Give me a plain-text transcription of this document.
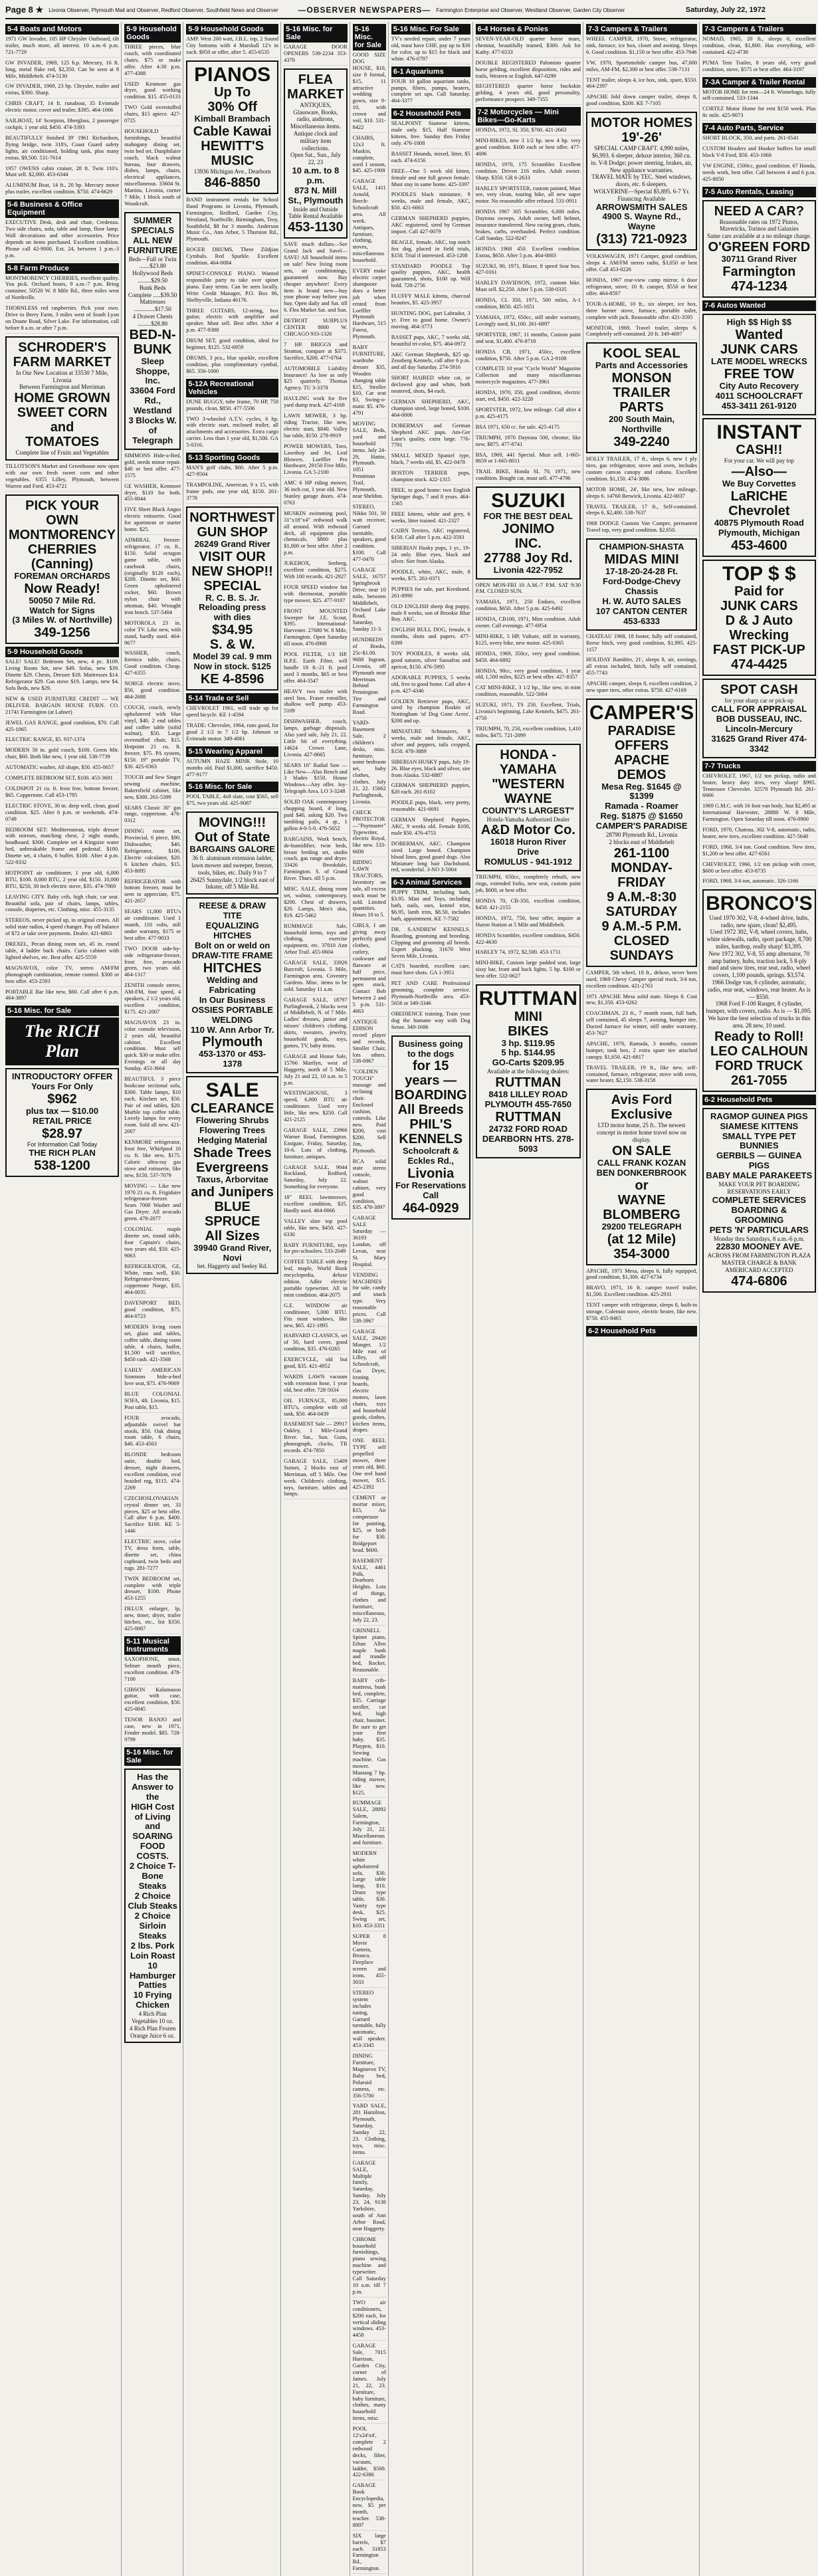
Page 8 ★ Livonia Observer, Plymouth Mail and Observer, Redford Observer, Southfield News and Observer	—OBSERVER NEWSPAPERS— Farmington Enterprise and Observer, Westland Observer, Garden City Observer	Saturday, July 22, 1972
5-4 Boats and Motors

1971 GW Invader, 105 HP Chrysler Outboard, tilt trailer, much more, all interest. 10 a.m.-6 p.m. 721-7729

GW INVADER, 1969, 125 h.p. Mercury, 16 ft. long, metal flake red, $2,350. Can be seen at 8 Mile, Middlebelt. 474-5130

GW INVADER, 1969, 23 hp. Chrysler, trailer and extras, $300. Sharp.

CHRIS CRAFT, 14 ft. runabout, 35 Evinrude electric motor, cover and trailer, $395. 464-1066

SAILBOAT, 14' Scorpion, fiberglass, 2 passenger cockpit, 1 year old, $450. 474-3393

BEAUTIFULLY finished 39' 1961 Richardson, flying bridge, twin 318's, Coast Guard safety lights, air conditioned, holding tank, plus many extras. $9,500. 531-7614

1957 OWENS cabin cruiser, 28 ft. Twin 110's. Must sell. $2,000. 453-6344

ALUMINUM Boat, 14 ft., 20 hp. Mercury motor plus trailer, excellent condition. $750. 474-6629

5-6 Business & Office Equipment

EXECUTIVE Desk, desk and chair, Credenza. Two side chairs, sofa, table and lamp, floor lamp. Wall decorations and other accessories. Price depends on items purchased. Excellent condition. Please call 42-9000, Ext. 24, between 1 p.m.-3 p.m.

5-8 Farm Produce

MONTMORENCY CHERRIES, excellent quality. You pick. Orchard hours, 9 a.m.-7 p.m. Bring container. 50520 W. 8 Mile Rd., three miles west of Northville.

THORNLESS red raspberries. Pick your own. Drive to Berry Farm, 3 miles west of South Lyon on Doane Road, Silver Lake. For information, call before 8 a.m. or after 7 p.m.

SCHRODER'S
FARM MARKET
In Our New Location at 33530 7 Mile, Livonia
Between Farmington and Merriman
HOME GROWN
SWEET CORN
and
TOMATOES
Complete line of Fruits and Vegetables

TILLOTSON'S Market and Greenhouse now open with our own fresh sweet corn and other vegetables. 6355 Lilley, Plymouth, between Warren and Ford. 453-4721

PICK YOUR OWN
MONTMORENCY
CHERRIES
(Canning)
FOREMAN ORCHARDS
Now Ready!
50050 7 Mile Rd.
Watch for Signs
(3 Miles W. of Northville)
349-1256
5-9 Household Goods

SALE! SALE! Bedroom Set, new, 4 pc. $109. Living Room Set, new $49. Sofas, new $39. Dinette $29. Chests, Dresser $18. Mattresses $14. Refrigerator $29. Gas stove $19. Lamps, new $4. Sofa Beds, new $29.

NEW & USED FURNITURE CREDIT — WE DELIVER. BARGAIN HOUSE FURN. CO. 21741 Farmington (at Lahser)

JEWEL GAS RANGE, good condition, $70. Call 425-1065

ELECTRIC RANGE, $5. 937-1374

MODERN 50 in. gold couch, $100. Green Mir. chair, $60. Both like new, 1 year old. 538-7739

AUTOMATIC washer, All shape, $50. 455-0657

COMPLETE BEDROOM SET, $100. 453-3691

COLDSPOT 21 cu. ft. frost free, bottom freezer, $65. Coppertone. Call 453-1795

ELECTRIC STOVE, 30 in. deep well, clean, good condition. $25. After 6 p.m. or weekends. 474-0749

BEDROOM SET: Mediterranean, triple dresser with mirrors, matching chest, 2 night stands, headboard. $300. Complete set 4 Kingsize water bed, unbreakable frame and pedestal. $100. Dinette set, 4 chairs, 6 buffet. $100. After 4 p.m. 522-9332

HOTPOINT air conditioner, 1 year old, 6,000 BTU, $100. 8,000 BTU, 2 year old, $150. 10,000 BTU, $250, 30 inch electric stove, $35. 474-7069

LEAVING CITY. Baby crib, high chair, car seat. Beautiful sofa, pair of chairs, lamps, tables, console, draperies, etc. Clothing, misc. 455-3135

STEREOS, never picked up, in original crates. All solid state radios, 4 speed changer. Pay off balance of $72 or take over payments. Dealer. 421-6863

DREXEL, Pecan dining room set, 45 in. round table, 4 ladder back chairs. Curio cabinet with lighted shelves, etc. Best offer. 425-5559

MAGNAVOX, color TV, stereo AM/FM phonograph combination, remote control. $300 or best offer. 453-2593

PORTABLE Bar like new, $60. Call after 6 p.m. 464-3897

5-16 Misc. for Sale
The RICH Plan
INTRODUCTORY OFFER
Yours For Only
$962
plus tax — $10.00
RETAIL PRICE
$28.97
For Information Call Today
THE RICH PLAN
538-1200
5-9 Household Goods

THREE pieces, blue couch, with coordinated chairs. $75 or make offer. After 4:30 p.m. 477-4388

USED Kenmore gas dryer, good working condition. $15. 455-0133

TWO Gold overstuffed chairs, $15 apiece. 427-0725

HOUSEHOLD furnishings, beautiful mahogany dining set, twin bed set, Dunphilaire couch, black walnut bureau, four drawers, dishes, lamps, chairs, electrical appliances, miscellaneous. 33604 St. Martins, Livonia, corner 7 Mile, 1 block south of Woodcraft.

SUMMER SPECIALS
ALL NEW FURNITURE
Beds—Full or Twin .......$23.80
Hollywood Beds .........$29.50
Bunk Beds Complete .....$39.50
Mattresses ..............$17.50
4 Drawer Chests .........$28.80
BED-N-BUNK
Sleep Shoppe, Inc.
33604 Ford Rd., Westland
3 Blocks W. of Telegraph

SIMMONS Hide-a-Bed, gold, needs minor repair. $40 or best offer. 477-1575

GE WASHER, Kenmore dryer, $110 for both. 455-0044

FIVE Sheet Black Angus electric rotisserie. Good for apartment or starter home. $25.

ADMIRAL freezer-refrigerator, 17 cu. ft., $150. Solid octagon game table, with casebook chairs, (originally $120 each), $200. Dinette set, $60. Green upholstered rocker, $60. Brown nylon chair with ottoman, $40. Wrought iron bench. 537-5404

MOTOROLA 23 in. color TV. Like new, with stand, hardly used. 464-9677

WASHER, couch, formica table, chairs. Good condition. Cheap. 427-6355

NORGE electric stove, $50, good condition. 464-2688

COUCH, couch, newly upholstered with blue vinyl, $40. 2 end tables and coffee table (solid walnut), $50. Large overstuffed chair, $15. Hotpoint 21 cu. ft. freezer, $75. PA system, $150. 19" portable TV, $30. 425-0363

TOUCH and Sew Singer sewing machine, Bakersfield cabinet, like new, $300. 261-5399

SEARS Classic 30" gas range, coppertone. 476-0312

DINING room set, Provincial, 6 piece, $90. Dishwasher, $40. Refrigerator, $100. Electric calculator, $20. 6 kitchen chairs, $15. 453-8095

REFRIGERATOR with bottom freezer, must be seen to appreciate, $75. 421-2657

SEARS 11,000 BTU's air conditioner. Used 1 month, 110 volts, still under warranty, $175 or best offer. 477-9033

TWO DOOR side-by-side refrigerator-freezer, frost free, avocado green, two years old. 464-1317

ZENITH console stereo, AM-FM, four speed, 4 speakers, 2 1/2 years old, excellent condition, $175. 421-2007

MAGNAVOX 23 in. color console television, 2 years old, beautiful cabinet. Excellent condition. Must sell quick. $30 or make offer. Evenings or all day Sunday. 453-3664

BEAUTIFUL 3 piece bookcase sectional sofa, $300. Table lamps, $10 each. Kitchen set, $50. Pair of end tables, $20. Marble top coffee table. Lovely lamps for every room. Sold all new. 421-2007

KENMORE refrigerator, frost free, Whirlpool 16 cu. ft. like new, $175. Caloric ultra-ray gas stove and rotisserie, like new, $150. 537-7079

MOVING — Like new 1970 21 cu. ft. Frigidaire refrigerator-freezer. Sears 7000 Washer and Gas Dryer. All avocado green. 478-2077

COLONIAL maple dinette set, round table, four Captain's chairs, two years old, $50. 425-9063

REFRIGERATOR, GE, White, runs well, $30. Refrigerator-freezer, coppertone Norge, $35. 464-0035

DAVENPORT BED, good condition, $75. 464-0723

MODERN living room set, glass and tables, coffee table, dining room table, 4 chairs, buffet, $1,500 will sacrifice, $450 cash. 421-3568

EARLY AMERICAN Simmons hide-a-bed love seat, $75. 476-9069

BLUE COLONIAL SOFA, 4ft. Livonia, $15. Post table, $15.

FOUR avocado, adjustable swivel bar stools, $50. Oak dining room table, 6 chairs, $40. 453-4563

BLONDE bedroom suite, double bed, dresser, night drawers, excellent condition, oval braided rug, $115. 474-2269

CZECHOSLOVAKIAN crystal dinner set, 33 pieces, $25 or best offer. Call after 6 p.m. $400. Sacrifice $100. KE 5-1446

ELECTRIC stove, color TV, dress form, table, dinette set, china cupboard, twin beds and rugs. 281-7277

TWIN BEDROOM set, complete with triple dresser, $100. Phone 453-1255

DELUX enlarger, lp, new, timer, dryer, trailer hitches, etc., list $350. 425-0087

5-11 Musical Instruments

SAXOPHONE, tenor, Selmer mouth piece, excellent condition. 478-7100

GIBSON Kalamazoo guitar, with case, excellent condition, $50. 425-0045

TENOR BANJO and case, new in 1971, Fender model. $85. 728-9799

5-16 Misc. for Sale
Has the Answer to the
HIGH Cost of Living and
SOARING FOOD COSTS.
2 Choice T-Bone Steaks
2 Choice Club Steaks
2 Choice Sirloin Steaks
2 lbs. Pork Loin Roast
10 Hamburger Patties
10 Frying Chicken
4 Rich Plan Vegetables 10 oz.
4 Rich Plan Frozen Orange Juice 6 oz.
5-9 Household Goods

AMP. West 200 watt, J.B.L. top, 2 Sound City bottoms with 4 Marshall 12's in each. $950 or offer, after 5. 455-6535

PIANOS
Up To
30% Off
Kimball Brambach
Cable Kawai
HEWITT'S MUSIC
13936 Michigan Ave., Dearborn
846-8850

BAND instrument rentals for School Band Programs in Livonia, Plymouth, Farmington, Redford, Garden City, Westland, Northville, Birmingham, Troy, Southfield, $8 for 3 months. Anderson Music Co., Ann Arbor, 5 Thurston Rd., Plymouth.

ROGER DRUMS, Three Zildjian Cymbals. Red Sparkle. Excellent condition. 464-0084

SPINET-CONSOLE PIANO. Wanted responsible party to take over spinet piano. Easy terms. Can be seen locally. Write Credit Manager, P.O. Box 86, Shelbyville, Indiana 46176.

THREE GUITARS, 12-string, box guitar, electric with amplifier and speaker. Must sell. Best offer. After 4 p.m. 477-9388

DRUM SET, good condition, ideal for beginner, $125. 532-6959

DRUMS, 3 pcs., blue sparkle, excellent condition, plus complimentary cymbal, $65. 356-1000

5-12A Recreational Vehicles

DUNE BUGGY, tube frame, 70 HP, 750 pounds, clean, $850. 477-5506

TWO 3-wheeled A.T.V. cycles, 6 hp. with electric start, enclosed trailer, all attachments and accessories. Extra cargo carrier. Less than 1 year old, $1,500. GA 5-0316.

5-13 Sporting Goods

MAN'S golf clubs, $60. After 5 p.m. 427-9504

TRAMPOLINE, American, 9 x 15, with frame pads, one year old, $150. 261-3778

NORTHWEST
GUN SHOP
26249 Grand River
VISIT OUR
NEW SHOP!!
SPECIAL
R. C. B. S. Jr.
Reloading press with dies
$34.95
S. & W.
Model 39 cal. 9 mm
Now in stock. $125
KE 4-8596
5-14 Trade or Sell

CHEVROLET 1961, will trade up for speed bicycle. KE 1-4594

TRADE: Chevrolet, 1964, runs good, for good 2 1/2 to 7 1/2 hp. Johnson or Evinrude motor. 349-4061

5-15 Wearing Apparel

AUTUMN HAZE MINK Stole, 10 months old. Paid $1,000, sacrifice $450. 477-9177

5-16 Misc. for Sale

POOL TABLE, 4x8 slate, cost $565, sell $75, two years old. 425-9087

MOVING!!!
Out of State
BARGAINS GALORE
36 ft. aluminum extension ladder, lawn mower and sweeper, freezer, tools, bikes, etc. Daily 9 to 7
26425 Sunnydale, 1/2 block east of Inkster, off 5 Mile Rd.
REESE & DRAW TITE
EQUALIZING HITCHES
Bolt on or weld on
DRAW-TITE FRAME
HITCHES
Welding and Fabricating
In Our Business
OSSIES PORTABLE WELDING
110 W. Ann Arbor Tr.
Plymouth
453-1370 or 453-1378
SALE
CLEARANCE
Flowering Shrubs
Flowering Trees
Hedging Material
Shade Trees
Evergreens
Taxus, Arborvitae
and Junipers
BLUE SPRUCE
All Sizes
39940 Grand River, Novi
bet. Haggerty and Seeley Rd.
5-16 Misc. for Sale

GARAGE DOOR OPENERS 539-2234 353-4370

FLEA MARKET
ANTIQUES, Glassware, Books, radio, andirons, Miscellaneous items. Antique clock and military item collections.
Open Sat., Sun., July 22, 23
10 a.m. to 8 p.m.
873 N. Mill St., Plymouth
Inside and Outside Table Rental Available
453-1130

SAVE much dollars—See Grand Jack and Savel—SAVE! All household items on sale! New living room sets, air conditionings, guaranteed now. Buy cheaper anywhere! Every item is brand new—buy your phone way before you buy. Open daily and Sat. till 6. Flea Market Sat. and Sun.

DETROIT SURPLUS CENTER 8000 W. CHICAGO 933-1326

7 HP. BRIGGS and Stratton, compare at $375. Sacrifice, $200. 477-0764

AUTOMOBILE Liability Insurance! As low as only $25 quarterly. Thomas Agency. TU 3-3378

HAULING work for five yard dump truck. 427-4168

LAWN MOWER, 3 hp. riding Tractor, like new, electric start, $840. Valley bar table, $150. 278-9919

POWER MOWERS, Toro, Lawnboy and Jet, Leaf Blowers. Loeffler Pro Hardware, 29150 Five Mile, Livonia. GA 5-2100

AMC 6 HP riding mower, 36 inch cut, 1 year old. New Stanley garage doors. 474-0763

MUSKIN swimming pool, 31"x18"x4" redwood walk all around. With redwood deck, all equipment plus chemicals. $800 plus $1,000 or best offer. After 2 p.m.

JUKEBOX, Seeberg, excellent condition, $275. With 100 records. 421-2927

FOUR SPEED window fan with thermostat, portable type mower, $25. 477-9107

FRONT MOUNTED Sweeper for J.E. Scout, $395. International-Harvester. 27680 W. 8 Mile, Farmington. Open Saturday till noon. 476-0900

POOL FILTER, 1/3 HP. H.P.E. Earth Filter, will handle 18 ft.-21 ft. pool used 3 months, $65 or best offer. 464-3547

HEAVY two trailer with steel box. Fraser rototiller, shallow well pump. 453-5109

DISHWASHER, couch, lamps, garbage disposals. Also yard sale, July 21, 22. Little bit of everything. 14624 Crown Lane, Livonia. 427-8665

SEARS 16" Radial Saw — Like New—Also Bench and 3 blades $150. House Windows—Any offer. Joy-Telegraph Area. LO 3-3248

SOLID OAK contemporary chopping board, 4' long, paid $40, asking $20. Two tumbling pails, 4 qt., 1 gallon 4-0-5-0. 476-5652

BARGAINS, Work bench, de-humidifier, twin beds, breast feeding set, studio couch, gas range and dryer. 33426 Brookdale, Farmington. S. of Grand River. Thurs. till 5 p.m.

MISC. SALE, dining room set, walnut, contemporary, $200. Chest of drawers, $20. Lamps, Men's skis, $19. 425-5462

RUMMAGE Sale, household items, toys and clothing, exercise equipment, etc. 37010 Ann Arbor Trail. 455-0604

GARAGE SALE, 33926 Burcroft, Livonia. 5 Mile, Farmington area. Coventry Gardens. Misc. items to be sold. Saturday 11 a.m.

GARAGE SALE, 18797 Purlingbrook, 2 blocks west of Middlebelt, N. of 7 Mile. Ladies' dresses, junior and misses' children's clothing, skirts, sweaters, jewelry, household goods, toys, games, TV, baby items.

GARAGE and House Sale, 15766 Marilyn, west of Haggerty, north of 5 Mile. July 21 and 22, 10 a.m. to 5 p.m.

WESTINGHOUSE, 3 speed, 6,000 BTU air conditioner. Used very little, like new. $250. Call 421-2125

GARAGE SALE, 23966 Warner Road, Farmington. Eastgate, Friday, Saturday, 10-6. Lots of clothing, furniture, antiques.

GARAGE SALE, 9044 Rockland, Redford, Saturday, July 22. Something for everyone.

18" REEL lawnmower, excellent condition, $35. Hardly used. 464-0066

VALLEY slate top pool table, like new, $450. 427-6330

BABY FURNITURE, toys for pre-schoolers. 533-2049

COFFEE TABLE with deep leaf, maple, World Book encyclopedia, deluxe edition. Adler electric portable typewriter. All in mint condition. 464-2075

G.E. WINDOW air conditioner, 5,000 BTU. Fits most windows, like new, $65. 421-1895

HARVARD CLASSICS, set of 50, hard cover, good condition, $35. 476-0265

EXERCYCLE, old but good, $35. 421-4952

WARDS LAWN vacuum with extension hose, 1 year old, best offer. 728-5634

OIL FURNACE, 85,000 BTU's, complete with oil tank, $50. 464-0439

BASEMENT Sale — 29917 Oakley, 1 Mile-Grand River. Sat., Sun. Guns, phonograph, clocks, TR records. 474-7850

GARAGE SALE, 15409 Sunset, 2 blocks east of Merriman, off 5 Mile. One week. Children's clothing, toys, furniture, tables and lamps.

5-16 Misc. for Sale

GOOD SIZE DOG HOUSE, $10, size 8 formal, $15, 11 attractive wedding gown, size 9-10, with crown and veil, $10. 531-8422

CHAIRS, 12x3 ft. Muskin, complete, used 1 season, $45. 425-1908

GARAGE SALE, 1411 Arnold, Beech-Schoolcraft area. All week. Antiques, furniture, clothing, stoves, miscellaneous household.

EVERY make electric carpet shampooer does a better job when rented from Loeffler Plymouth Hardware, 515 Forest, Plymouth.

BABY FURNITURE, wardrobe dresser $35, Wooden changing table $15, Stroller $10, Car seat $3, Swing-o-matic $5. 476-4791

MOVING SALE, Beds, yard and household items. July 24-29, Hattie, Plymouth. 1051 Penniman Trail, Plymouth, near Sheldon.

STEREO, Nikko 501, 50 watt receiver, Garrard turntable, speakers, good condition. $100. Call 477-0470

GARAGE SALE, 16757 Springbrook Drive, near 10 mile, between Middlebelt, Orchard Lake Road, Saturday, Sunday 11-3.

HUNDREDS of Books, 25c-$1.00. 9688 Ingram, Livonia, off Plymouth near Merriman. Behind Pennington Tire and Farmington Road.

YARD-Basement Sale, 2 children's desks, misc. furniture, some bedroom set, baby clothes, clothes. July 21, 22. 15662 Purlingbrook, Livonia.

CHECK PROTECTOR—"Paymaster" Typewriter, electric Royal, like new. 533-6600

RIDING LAWN TRACTORS, Inventory on sale, all excess stock must be sold. Limited quantities. Hours 10 to 5.

GIRLS, I am giving away perfectly good clothes, cutlery, cookware and flatware at half price, permanent and open stock. Contact Bob between 2 and 5 p.m. 531-4663

ANTIQUE EDISON record player and records, Stroller Chair, lots others. 538-0967

"GOLDEN TOUCH" massage and reclining chair. Enclosed cushion, controls. Like new. Paid $200, cost $200. Sell Jim, Plymouth.

RCA solid state stereo console, walnut cabinet, very good condition, $35. 478-3897

GARAGE SALE Saturday — 36193 London, off Levan, near St. Mary Hospital.

VENDING MACHINES for sale, candy and snack type. Very reasonable prices. Call 538-3967

GARAGE SALE, 29420 Munger, 1/2 Mile east of Lilley, off Schoolcraft, Gas Dryer, ironing boards, electric motors, lawn chairs, toys and household goods, clothes, kitchen items, drapes.

ONE REEL TYPE self propelled mower, three years old, $60. One reel hand mower, $15. 425-2392

CEMENT or mortar mixer, $15, Air compressor for painting, $25, or both for $30. Bridgeport head. $600.

BASEMENT SALE, 4461 Polk, Dearborn Heights. Lots of things, clothes and furniture, miscellaneous, July 22, 23.

GRINNELL Spinet piano, Ethan Allen maple bunk and trundle bed, Rocker, Reasonable.

BABY crib-mattress, bunk bed, complete, $35. Carriage stroller, car bed, high chair, bassinet. Be sure to get your first baby. $35. Playpen, $10. Sewing machine. Gas mower. Mustang 7 hp. riding mower, like new. $125.

RUMMAGE SALE, 28092 Salem, Farmington, July 21, 22. Miscellaneous and furniture.

MODERN white upholstered sofa, $30. Large table lamp, $10. Drum type table, $30. Vanity type desk, $25. Swing set, $10. 453-3351

SUPER 8 Movie Camera, Bronco, Fireplace screen and irons. 455-3033

STEREO system includes tuning, Garrard turntable, fully automatic, wall speaker. 453-3345

DINING Furniture, Magnavox TV, Baby bed, Polaroid camera, etc. 356-5700

YARD SALE, 281 Hamilton, Plymouth, Saturday, Sunday 22, 23. Clothing, toys, misc. items.

GARAGE SALE, Multiple family, Saturday, Sunday, July 23, 24, 9138 Yarkshire, south of Ann Arbor Road, near Haggerty.

CHROME household furnishings, piano sewing machine and typewriter. Call Saturday 10 a.m. till 7 p.m.

TWO air conditioners, $200 each, for vertical sliding windows. 453-4458

GARAGE Sale, 7015 Harrison, Garden City, corner of James. July 21, 22, 23. Furniture, baby furniture, clothes, many household items, misc.

POOL 12'x24'x4', complete 2 redwood decks, filter, vacuum, ladder, $500. 422-6386

GARAGE Book Encyclopedia, new, $5 per month, teacher. 538-8897

SIX large barrels, $7 each. 31853 Farmington Rd., Farmington.

5-16 Misc. For Sale

TV's needed repair, under 7 years old, must have UHF, pay up to $30 for color, up to $15 for black and white. 476-0797

6-1 Aquariums

FOUR 10 gallon aquarium tanks, pumps, filters, pumps, heaters, complete set ups. Call Saturday. 464-3377

6-2 Household Pets

SEALPOINT Siamese kittens, male only. $15, Half Siamese kittens, free. Sunday thru Friday only. 476-1808

BASSET Hounds, mixed, litter, $5 each. 474-6156

FREE—One 5 week old kitten, female and one full grown female. Must stay in same home. 425-3397

POODLES black miniature, 9 weeks, male and female, AKC, $50. 421-6663

GERMAN SHEPHERD puppies, AKC registered, sired by German import. Call 427-0079

BEAGLE, female, AKC, top notch fox dog, placed in field trials, $150. Trial if interested. 453-1208

STANDARD POODLE Top quality puppies, AKC, health guaranteed, shots, $100 up. Will hold. 728-2756

FLUFFY MALE kittens, charcoal beauties, $5. 425-3957

HUNTING DOG, part Labrador, 3 yr. Free to good home. Owner's moving. 464-3773

BASSET pups, AKC, 7 weeks old, beautiful tri-color, $75. 464-0972

AKC German Shepherds, $25 up. Zeusberg Kennels, call after 6 p.m. and all day Saturday. 274-5916

SHORT HAIRED white cat, or declawed gray and white, both neutered, shots, $4 each.

GERMAN SHEPHERD, AKC, champion sired, large boned, $100. 464-0006

DOBERMAN and German Shepherd AKC pups. Am-Ger Lane's quality, extra large. 776-7791

SMALL MIXED Spaniel type, black, 7 weeks old, $5. 422-0478

BOSTON TERRIER pups, champion stock. 422-1315

FREE, to good home: two English Springer dogs, 7 and 8 years. 464-1565

FREE kittens, white and grey, 6 weeks, litter trained. 421-2327

CAIRN Terriers, AKC registered, $150. Call after 5 p.m. 422-3593

SIBERIAN Husky pups, 1 yr., 19-24 only. Blue eyes, black and silver. Sire from Alaska.

POODLE, white, AKC, male, 8 weeks, $75. 261-0371

PUPPIES for sale, part Keeshond. 261-8990

OLD ENGLISH sheep dog puppy, male 8 weeks, son of Brookie Blue Boy. AKC.

ENGLISH BULL DOG, female, 6 months, shots and papers. 477-8399

TOY POODLES, 8 weeks old, good natures, silver Sassafras and apricot, $150. 476-5995

ADORABLE PUPPIES, 5 weeks old, free to good home. Call after 4 p.m. 427-4346

GOLDEN Retriever pups, AKC, sired by champion Roskin of Nottingham 'of Dog Gone Acres'. $200 and up.

MINIATURE Schnauzers, 8 weeks, male and female, AKC, silver and peppers, tails cropped, $150. 478-3889

SIBERIAN HUSKY pups, July 19-26. Blue eyes, black and silver, sire from Alaska. 532-6887

GERMAN SHEPHERD puppies, $20 each. 261-6102

POODLE pups, black, very pretty, reasonable. 421-6691

GERMAN Shepherd Puppies, AKC, 9 weeks old. Female $100, male $50. 476-4753

DOBERMAN, AKC. Champion sired. Large boned. Champion blood lines, good guard dogs. Also Miniature long hair Dachshund, red, wonderful. 3-NO 3-5004

6-3 Animal Services

PUPPY TRIM, including bath, $3.95. Mini and Toys, including bath, nails, ears, kennel trim, $6.95, lamb trim, $8.50, includes bath, appointment. KE 7-7582

DR. S.ANDREW KENNELS. Boarding, grooming and breeding. Clipping and grooming all breeds. Expert plucking. 31670 West Seven Mile, Livonia.

CATS boarded, excellent care, must have shots. GA 1-3951

PET AND CARE Professional grooming, complete service. Plymouth-Northville area. 453-5656 or 349-3346

OBEDIENCE training. Train your dog the humane way with Dog Sense. 349-1686

Business going to the dogs
for 15 years —
BOARDING
All Breeds
PHIL'S KENNELS
Schoolcraft & Eckles Rd.,
Livonia
For Reservations Call
464-0929
6-4 Horses & Ponies

SEVEN-YEAR-OLD quarter horse mare, chestnut, beautifully trained, $300. Ask for Kathy. 477-6533

DOUBLE REGISTERED Palomino quarter horse gelding, excellent disposition, rides and trails, Western or English. 647-0299

REGISTERED quarter horse buckskin gelding, 4 years old, good personality, performance prospect. 349-7355

7-2 Motorcycles — Mini Bikes—Go-Karts

HONDA, 1972, SL 350, $700. 421-2663

MINI-BIKES, new 3 1/2 hp. new 4 hp. very good condition. $100 each or best offer. 477-4696

HONDA, 1970, 175 Scrambler. Excellent condition. Driven 216 miles. Adult owner. Sharp. $350. GR 6-2633

HARLEY SPORTSTER, custom painted, Must see, very clean, touring bike, all new super motor. No reasonable offer refused. 531-0911

HONDA 1967 305 Scrambler, 6,000 miles. Daytona sweeps, Adult owner, bell helmet, insurance transferred. New racing gears, chain, brakes, carbs, overhauled. Perfect condition. Call Sunday. 522-8247

HONDA 1968 450. Excellent condition. Extras, $650. After 5 p.m. 464-0003

SUZUKI, 90, 1971, Blazer, 8 speed Sear box. 427-0161

HARLEY DAVIDSON, 1972, custom bike. Must sell. $2,250. After 5 p.m. 538-0335

HONDA, CL 350, 1971, 500 miles, A-1 condition, $650. 425-1651

YAMAHA, 1972, 650cc, still under warranty, Lovingly used, $1,100. 261-6897

SPORTSTER, 1967, 11 months, Custom paint and seat, $1,400. 476-8718

HONDA CB, 1971, 450cc, excellent condition, $750. After 5 p.m. GA 2-9108

COMPLETE 10 year "Cycle World" Magazine Collection and many miscellaneous motorcycle magazines. 477-3961

HONDA, 1970, 350, good condition, electric start, red, $450. 422-3228

SPORTSTER, 1972, low mileage. Call after 4 p.m. 425-4175

BSA 1971, 650 cc. for sale. 425-4175

TRIUMPH, 1970 Daytona 500, chrome, like new, $875. 477-8741

BSA, 1969, 441 Special. Must sell. 1-665-8659 or 1-665-8011

TRAIL BIKE, Honda SL 70, 1971, new condition. Bought car, must sell. 477-4796

SUZUKI
FOR THE BEST DEAL
JONIMO
INC.
27788 Joy Rd.
Livonia 422-7952

OPEN MON-FRI 10 A.M.-7 P.M. SAT 9:30 P.M. CLOSED SUN.

YAMAHA, 1971, 250 Enduro, excellent condition, $650. After 5 p.m. 425-6492

HONDA, CB100, 1971, Mint condition. Adult owner. Call evenings. 477-6954

MINI-BIKE, 5 HP, Vulture, still in warranty, $125, overy bike, new motor. 425-0365

HONDA, 1969, 350cc, very good condition. $450. 464-6892

HONDA, 90cc, very good condition, 1 year old, 1,500 miles, $225 or best offer. 427-8357

CAT MINI-BIKE, 3 1/2 hp., like new, in mint condition, reasonable. 522-5664

SUZUKI, 1971, TS 250, Excellent, Trials, Livonia's beginning, Lake Kennels, $475. 261-4750

TRIUMPH, 70, 250, excellent condition, 1,410 miles, $475. 721-2099

HONDA - YAMAHA
"WESTERN WAYNE
COUNTY'S LARGEST"
Honda-Yamaha Authorized Dealer
A&D Motor Co.
16018 Huron River Drive
ROMULUS - 941-1912

TRIUMPH, 650cc, completely rebuilt, new rings, extended forks, new seat, custom paint job, $600, or best offer.

HONDA 70, CB-350, excellent condition, $450. 421-2155

HONDA, 1972, 750, best offer, inquire at Huron Station at 5 Mile and Middlebelt.

HONDA Scrambler, excellent condition, $450. 422-4630

HARLEY 74, 1972, $2,500. 453-1711

MINI-BIKE, Custom large padded seat, large sissy bar, front and back lights, 5 hp. $100 or best offer. 532-0627

RUTTMAN
MINI
BIKES
3 hp. $119.95
5 hp. $144.95
GO-Carts $209.95
Available at the following dealers:
RUTTMAN
8418 LILLEY ROAD
PLYMOUTH 455-7650
RUTTMAN
24732 FORD ROAD
DEARBORN HTS. 278-5093
7-3 Campers & Trailers

WHEEL CAMPER, 1970, Stove, refrigerator, sink, furnace, ice box, closet and awning. Sleeps 6. Good condition. $1,150 or best offer. 453-7946

VW, 1970, Sportsmobile camper bus, 47,000 miles, AM-FM, $2,300 or best offer. 538-7131

TENT trailer, sleeps 4, ice box, sink, spare, $550. 464-2397

APACHE fold down camper trailer, sleeps 8, good condition, $200. KE 7-7105

MOTOR HOMES
19'-26'
SPECIAL CAMP CRAFT. 4,990 miles, $6,993. 6 sleeper, deluxe interior, 360 cu. in. V-8 Dodge; power steering, brakes, air, New appliance warranties.
TRAVEL MATE by TEC. Steel windows, doors, etc. 6 sleepers.
WOLVERINE—Special $5,895. 6-7 Yr. Financing Available
ARROWSMITH SALES
4900 S. Wayne Rd., Wayne
(313) 721-0923

VOLKSWAGEN, 1971 Camper, good condition, sleeps 4. AM/FM stereo radio, $3,050 or best offer. Call 453-0226

HONDA, 1967 rear-view camp mirror, 6 door refrigerator, stove, 10 ft. camper, $550 or best offer. 464-8597

TOUR-A-HOME, 10 ft., six sleeper, ice box, three burner stove, furnace, portable toilet, complete with jack. Reasonable offer. 421-3595

MONITOR, 1969, Travel trailer, sleeps 6. Completely self-contained. 20 ft. 349-4697

KOOL SEAL
Parts and Accessories
MONSON
TRAILER PARTS
200 South Main, Northville
349-2240

HOLLY TRAILER, 17 ft., sleeps 6, new 1 ply tires, gas refrigerator, stove and oven, includes custom canvas canopy and cabana. Excellent condition. $1,150. 474-3086

MOTOR HOME, 24', like new, low mileage, sleeps 6. 14760 Berwick, Livonia. 422-0037

TRAVEL TRAILER, 17 ft., Self-contained. sleeps 6, $2,400. 538-7637

1968 DODGE Custom Van Camper, permanent Travel top, very good condition. $2,650.

CHAMPION-SHASTA
MIDAS MINI
17-18-20-24-28 Ft.
Ford-Dodge-Chevy Chassis
H. W. AUTO SALES
107 CANTON CENTER 453-6333

CHATEAU 1968, 18 footer, fully self contained, Reese hitch, very good condition, $1,995. 425-1157

HOLIDAY Rambler, 21', sleeps 8, air, awnings, all extras included, hitch, fully self contained. 455-7743

APACHE camper, sleeps 8, excellent condition, 2 new spare tires, other extras. $750. 427-6169

CAMPER'S
PARADISE
OFFERS
APACHE DEMOS
Mesa Reg. $1645 @ $1399
Ramada - Roamer
Reg. $1875 @ $1650
CAMPER'S PARADISE
28790 Plymouth Rd., Livonia
2 blocks east of Middlebelt
261-1100
MONDAY-FRIDAY
9 A.M.-8:30
SATURDAY
9 A.M.-5 P.M.
CLOSED SUNDAYS

CAMPER, 5th wheel, 18 ft., deluxe, never been used, 1969 Chevy Camper special truck, 3/4 ton, excellent condition. 421-2763

1971 APACHE Mesa solid state. Sleeps 8. Cost new, $1,350. 453-0262

COACHMAN, 23 ft., 7 month room, full bath, self contained, 45 sleeps 7, awning, bumper tire, Ducted furnace for winter, still under warranty. 453-7627

APACHE, 1970, Ramada, 3 months, custom bumper, tank box, 2 extra spare tire attached canopy. $1,650. 421-6817

TRAVEL TRAILER, 19 ft., like new, self-contained, furnace, refrigerator, stove with oven, water heater, $2,150. 538-3158

Avis Ford
Exclusive
LTD motor home, 25 ft.. The newest concept in motor home travel now on display.
ON SALE
CALL FRANK KOZAN
BEN DONKERBROOK
or
WAYNE BLOMBERG
29200 TELEGRAPH
(at 12 Mile)
354-3000

APACHE, 1971 Mesa, sleeps 6, fully equipped, good condition, $1,300. 427-6734

BRAVO, 1971, 16 ft. camper travel trailer, $1,500. Excellent condition. 425-2931

TENT camper with refrigerator, sleeps 8, built-in storage, Coleman stove, electric heater, like new. $750. 455-8465

6-2 Household Pets
7-3 Campers & Trailers

NOMAD, 1965, 20 ft., sleeps 6, excellent condition, clean, $1,800. Has everything, self-contained. 422-4738

PUMA Tent Trailer, 8 years old, very good condition, stove, $575 or best offer. 464-3197

7-3A Camper & Trailer Rental

MOTOR HOME for rent—24 ft. Winnebago, fully self-contained. 533-1344

CORTEZ Motor Home for rent $150 week. Plus 8c mile. 425-9073

7-4 Auto Parts, Service

SHORT BLOCK, 350, and parts. 261-0541

CUSTOM Headers and Hooker buffers for small block V-8 Ford, $50. 453-1068

VW ENGINE, 1500cc, good condition. 67 Honda, needs work, best offer. Call between 4 and 6 p.m. 425-8050

7-5 Auto Rentals, Leasing
NEED A CAR?
Reasonable rates on 1972 Pintos, Mavericks, Torinos and Galaxies
Same cars available at a no mileage charge.
O'GREEN FORD
30711 Grand River
Farmington
474-1234
7-6 Autos Wanted
High $$ High $$
Wanted
JUNK CARS
LATE MODEL WRECKS
FREE TOW
City Auto Recovery
4011 SCHOOLCRAFT
453-3411 261-9120
INSTANT
CASH!!
For your car. We will pay top
—Also—
We Buy Corvettes
LaRICHE
Chevrolet
40875 Plymouth Road
Plymouth, Michigan
453-4600
TOP $ $
Paid for
JUNK CARS
D & J Auto
Wrecking
FAST PICK-UP
474-4425
SPOT CASH
for your sharp car or pick-up
CALL FOR APPRAISAL
BOB DUSSEAU, INC.
Lincoln-Mercury
31625 Grand River 474-3342
7-7 Trucks

CHEVROLET, 1967, 1/2 ton pickup, radio and heater, heavy duty tires, very sharp! $995. Tennessee Chevrolet. 32570 Plymouth Rd. 261-6666

1969 G.M.C. with 16 foot van body. Just $2,495 at International Harvester, 28880 W. 8 Mile, Farmington. Open Saturday till noon. 476-0900

FORD, 1970, Chateau, 302 V-8, automatic, radio, heater, new tires, excellent condition. 427-5640

FORD, 1968, 3/4 ton. Good condition. New tires, $1,200 or best offer. 427-6561

CHEVROLET, 1966, 1/2 ton pickup with cover, $600 or best offer. 453-8735

FORD, 1968, 3/4 ton, automatic. 326-1166

BRONCO'S
Used 1970 302, V-8, 4-wheel drive, hubs, radio, new spare, clean! $2,495.
Used 1972 302, V-8, wheel covers, hubs, white sidewalls, radio, sport package, 8,700 miles, hardtop, really sharp! $3,395.
New 1972 302, V-8, 55 amp alternator, 70 amp battery, hubs, traction lock, 5 8-ply mud and snow tires, rear seat, radio, wheel covers, 1,100 pounds, springs. $3,574.
1966 Dodge van, 6 cylinder, automatic, radio, rear seat, windows, rear heater. As is — $550.
1968 Ford F-100 Ranger, 8 cylinder, bumper, with covers, radio. As is — $1,095.
We have the best selection of trucks in this area. 28 new, 10 used.
Ready to Roll!
LEO CALHOUN
FORD TRUCK
261-7055
6-2 Household Pets
RAGMOP GUINEA PIGS
SIAMESE KITTENS
SMALL TYPE PET BUNNIES
GERBILS — GUINEA PIGS
BABY MALE PARAKEETS
MAKE YOUR PET BOARDING RESERVATIONS EARLY
COMPLETE SERVICES
BOARDING & GROOMING
PETS 'N' PARTICULARS
Monday thru Saturdays, 8 a.m.-6 p.m.
22830 MOONEY AVE.
ACROSS FROM FARMINGTON PLAZA
MASTER CHARGE & BANK AMERICARD ACCEPTED
474-6806
